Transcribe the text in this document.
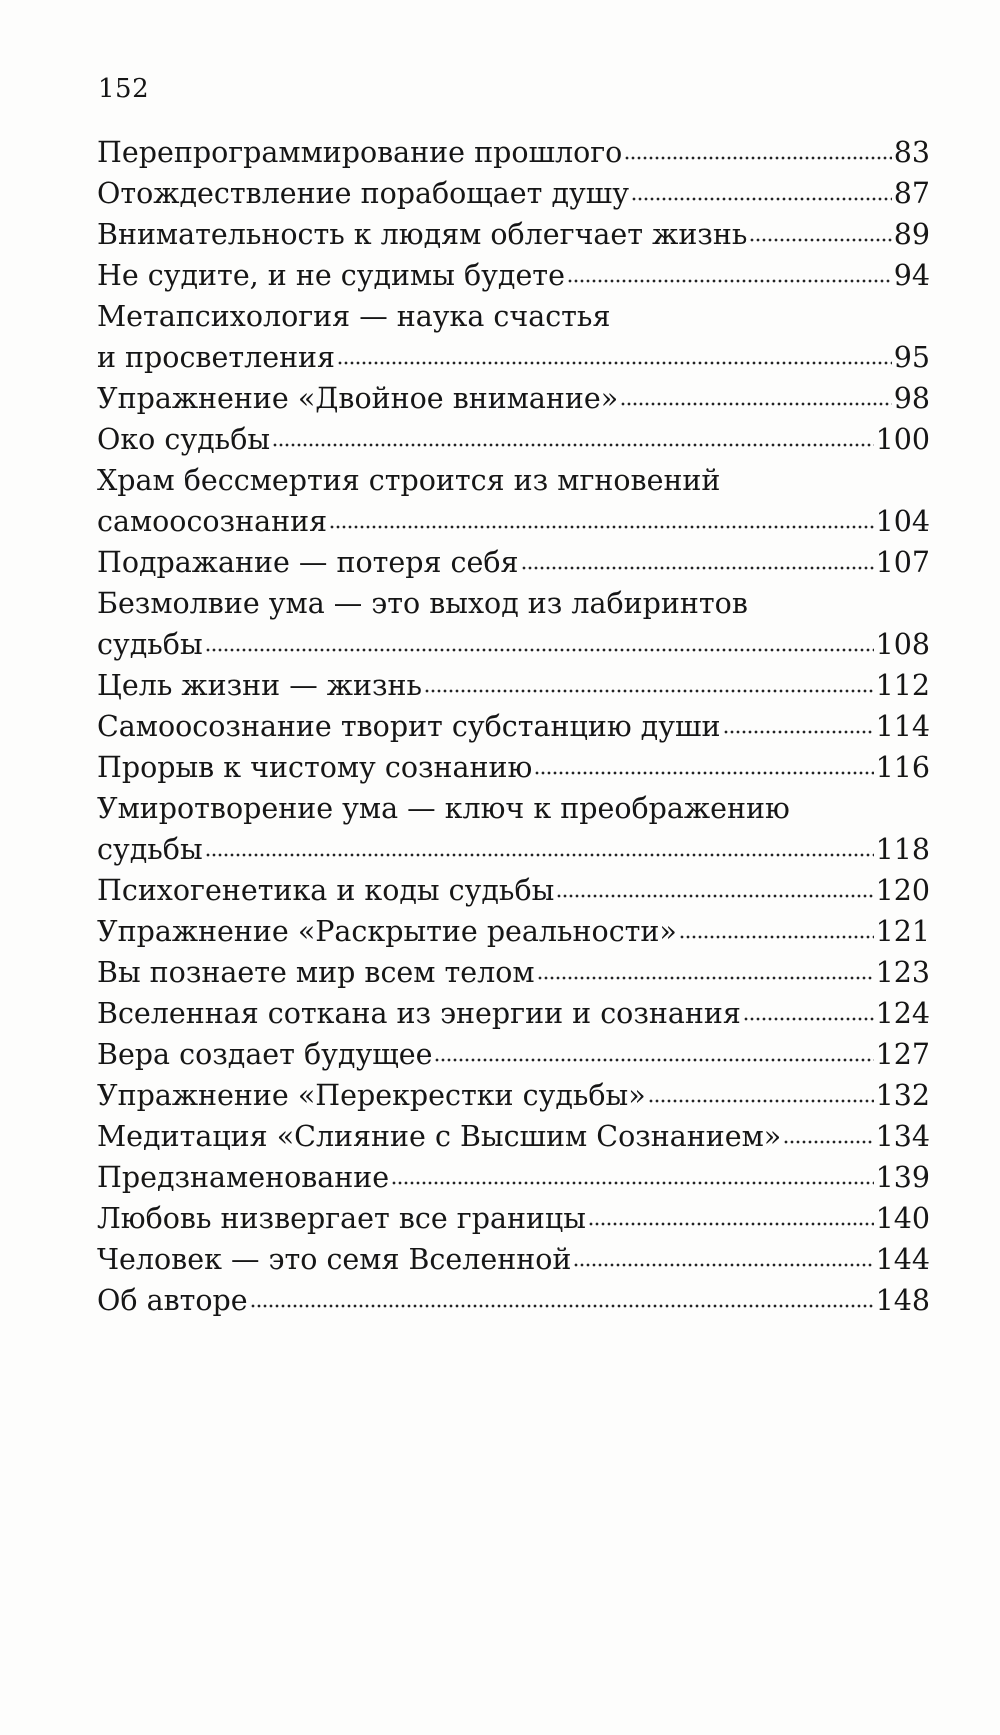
152
Перепрограммирование прошлого	83
Отождествление порабощает душу	87
Внимательность к людям облегчает жизнь	89
Не судите, и не судимы будете	94
Метапсихология — наука счастья
и просветления	95
Упражнение «Двойное внимание»	98
Око судьбы	100
Храм бессмертия строится из мгновений
самоосознания	104
Подражание — потеря себя	107
Безмолвие ума — это выход из лабиринтов
судьбы	108
Цель жизни — жизнь	112
Самоосознание творит субстанцию души	114
Прорыв к чистому сознанию	116
Умиротворение ума — ключ к преображению
судьбы	118
Психогенетика и коды судьбы	120
Упражнение «Раскрытие реальности»	121
Вы познаете мир всем телом	123
Вселенная соткана из энергии и сознания	124
Вера создает будущее	127
Упражнение «Перекрестки судьбы»	132
Медитация «Слияние с Высшим Сознанием»	134
Предзнаменование	139
Любовь низвергает все границы	140
Человек — это семя Вселенной	144
Об авторе	148
